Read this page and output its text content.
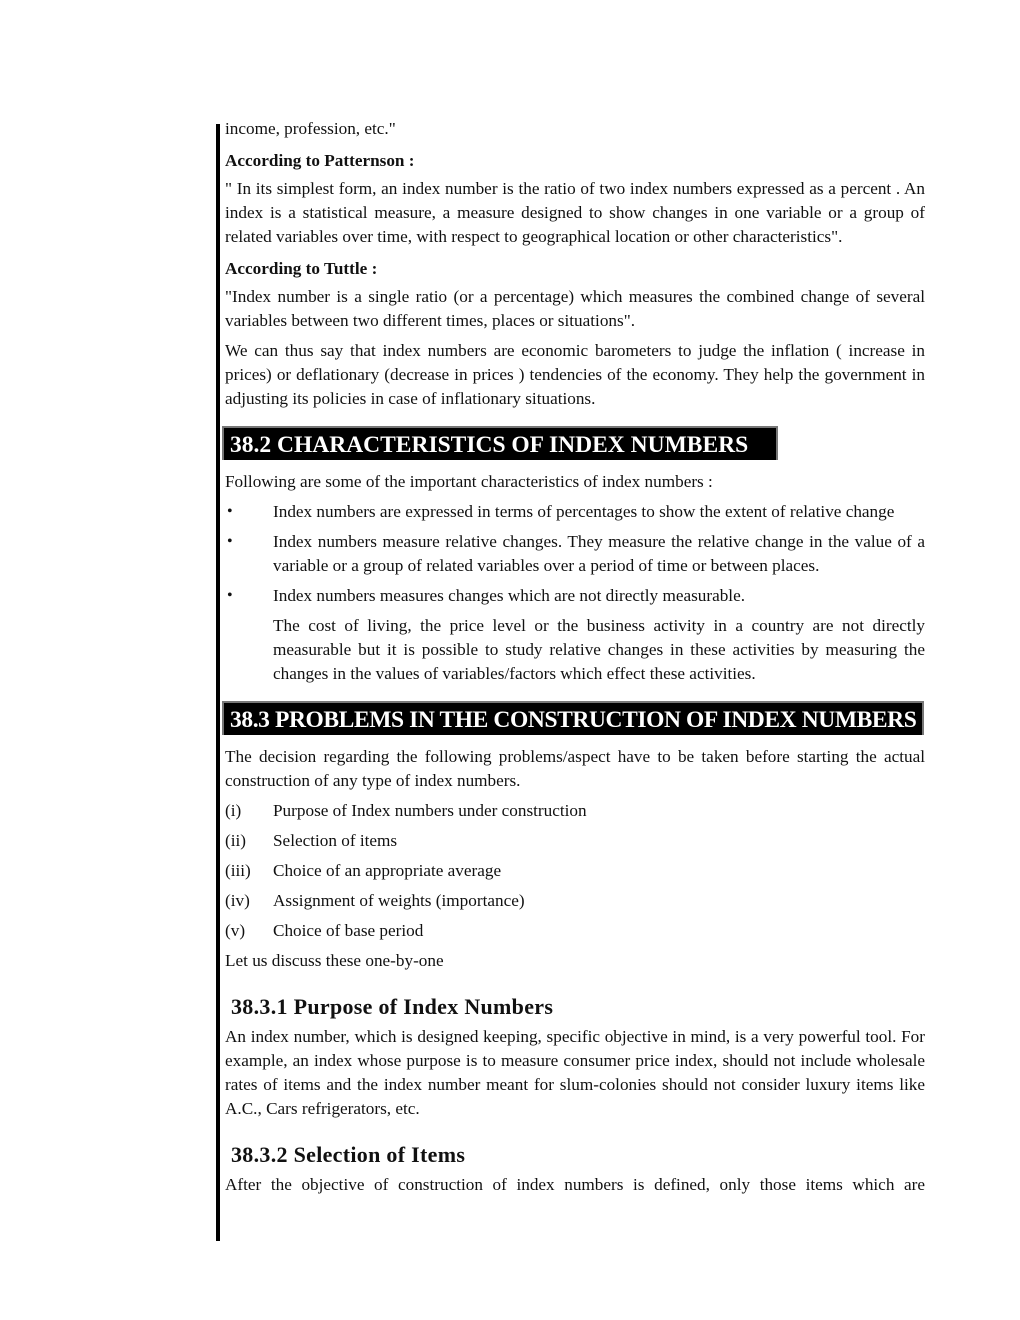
income, profession, etc."

According to Patternson :

" In its simplest form, an index number is the ratio of two index numbers expressed as a percent . An index is a statistical measure, a measure designed to show changes in one variable or a group of related variables over time, with respect to geographical location or other characteristics".

According to Tuttle :

"Index number is a single ratio (or a percentage) which measures the combined change of several variables between two different times, places or situations".

We can thus say that index numbers are economic barometers to judge the inflation ( increase in prices) or deflationary (decrease in prices ) tendencies of the economy. They help the government in adjusting its policies in case of inflationary situations.

38.2 CHARACTERISTICS OF INDEX NUMBERS

Following are some of the important characteristics of index numbers :

• Index numbers are expressed in terms of percentages to show the extent of relative change
• Index numbers measure relative changes. They measure the relative change in the value of a variable or a group of related variables over a period of time or between places.
• Index numbers measures changes which are not directly measurable.

The cost of living, the price level or the business activity in a country are not directly measurable but it is possible to study relative changes in these activities by measuring the changes in the values of variables/factors which effect these activities.

38.3 PROBLEMS IN THE CONSTRUCTION OF INDEX NUMBERS

The decision regarding the following problems/aspect have to be taken before starting the actual construction of any type of index numbers.

(i) Purpose of Index numbers under construction
(ii) Selection of items
(iii) Choice of an appropriate average
(iv) Assignment of weights (importance)
(v) Choice of base period

Let us discuss these one-by-one

38.3.1 Purpose of Index Numbers

An index number, which is designed keeping, specific objective in mind, is a very powerful tool. For example, an index whose purpose is to measure consumer price index, should not include wholesale rates of items and the index number meant for slum-colonies should not consider luxury items like A.C., Cars refrigerators, etc.

38.3.2 Selection of Items

After the objective of construction of index numbers is defined, only those items which are
